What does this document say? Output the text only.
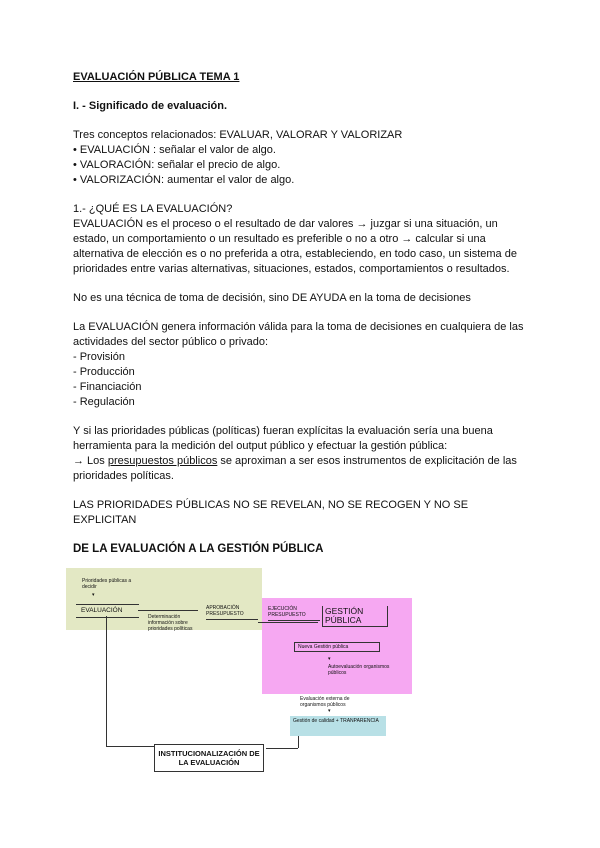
EVALUACIÓN PÚBLICA TEMA 1
I. - Significado de evaluación.

Tres conceptos relacionados: EVALUAR, VALORAR Y VALORIZAR
• EVALUACIÓN : señalar el valor de algo.
• VALORACIÓN: señalar el precio de algo.
• VALORIZACIÓN: aumentar el valor de algo.

1.- ¿QUÉ ES LA EVALUACIÓN?
EVALUACIÓN es el proceso o el resultado de dar valores → juzgar si una situación, un
estado, un comportamiento o un resultado es preferible o no a otro → calcular si una
alternativa de elección es o no preferida a otra, estableciendo, en todo caso, un sistema de
prioridades entre varias alternativas, situaciones, estados, comportamientos o resultados.

No es una técnica de toma de decisión, sino DE AYUDA en la toma de decisiones

La EVALUACIÓN genera información válida para la toma de decisiones en cualquiera de las
actividades del sector público o privado:
- Provisión
- Producción
- Financiación
- Regulación

Y si las prioridades públicas (políticas) fueran explícitas la evaluación sería una buena
herramienta para la medición del output público y efectuar la gestión pública:
→ Los presupuestos públicos se aproximan a ser esos instrumentos de explicitación de las
prioridades políticas.

LAS PRIORIDADES PÚBLICAS NO SE REVELAN, NO SE RECOGEN Y NO SE
EXPLICITAN

DE LA EVALUACIÓN A LA GESTIÓN PÚBLICA
Prioridades públicas a decidir
▾
EVALUACIÓN
Determinación información sobre prioridades políticas
APROBACIÓN PRESUPUESTO
EJECUCIÓN PRESUPUESTO	GESTIÓN PÚBLICA
Nueva Gestión pública
▾
Autoevaluación organismos públicos
Evaluación externa de organismos públicos
▾
Gestión de calidad + TRANPARENCIA
INSTITUCIONALIZACIÓN DE LA EVALUACIÓN
